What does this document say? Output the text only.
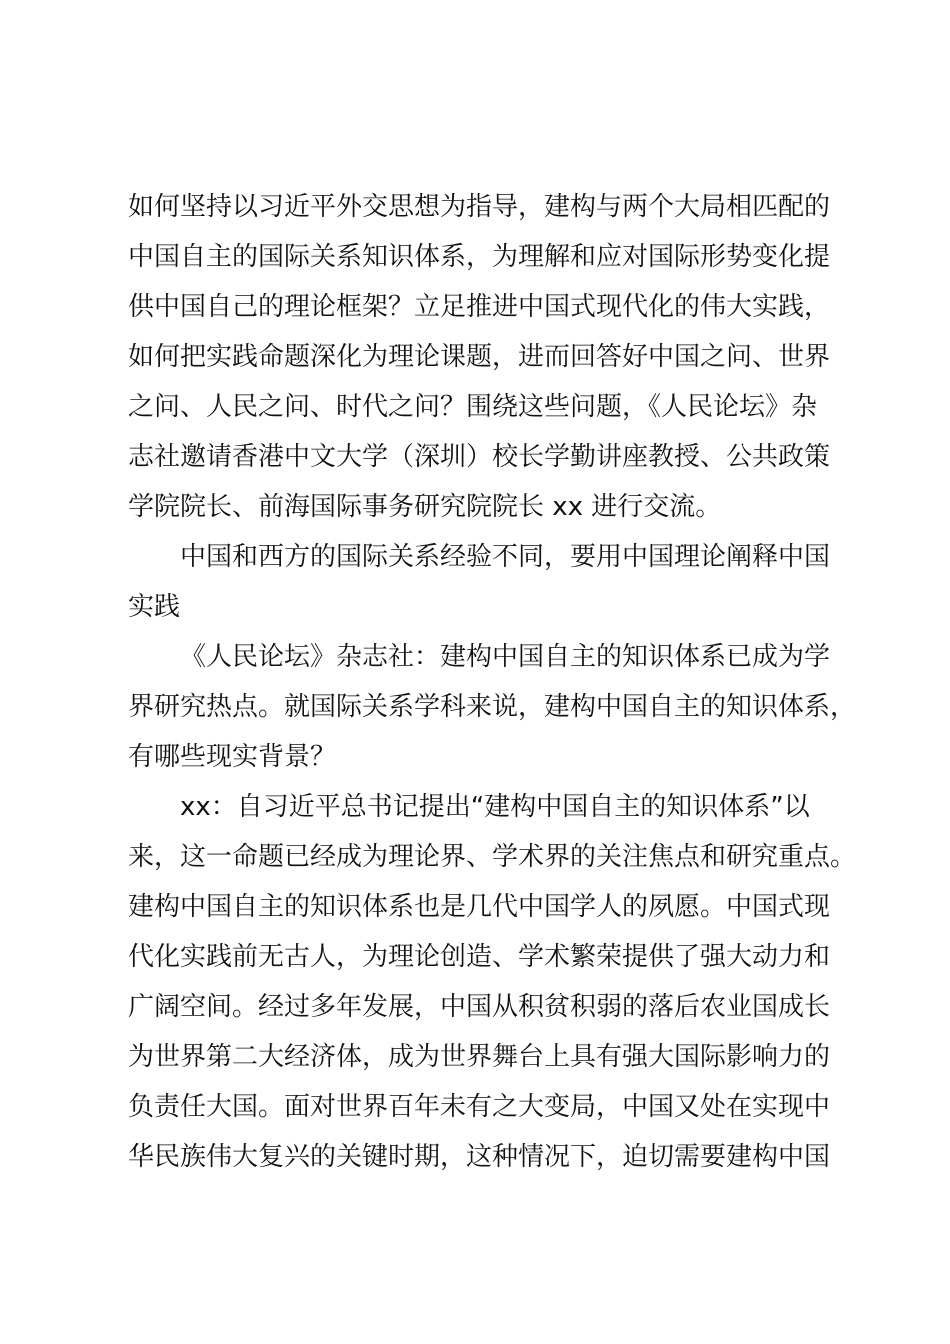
如何坚持以习近平外交思想为指导，建构与两个大局相匹配的
中国自主的国际关系知识体系，为理解和应对国际形势变化提
供中国自己的理论框架？立足推进中国式现代化的伟大实践，
如何把实践命题深化为理论课题，进而回答好中国之问、世界
之问、人民之问、时代之问？围绕这些问题，《人民论坛》杂
志社邀请香港中文大学（深圳）校长学勤讲座教授、公共政策
学院院长、前海国际事务研究院院长 xx 进行交流。
中国和西方的国际关系经验不同，要用中国理论阐释中国
实践
《人民论坛》杂志社：建构中国自主的知识体系已成为学
界研究热点。就国际关系学科来说，建构中国自主的知识体系，
有哪些现实背景？
xx：自习近平总书记提出“建构中国自主的知识体系”以
来，这一命题已经成为理论界、学术界的关注焦点和研究重点。
建构中国自主的知识体系也是几代中国学人的夙愿。中国式现
代化实践前无古人，为理论创造、学术繁荣提供了强大动力和
广阔空间。经过多年发展，中国从积贫积弱的落后农业国成长
为世界第二大经济体，成为世界舞台上具有强大国际影响力的
负责任大国。面对世界百年未有之大变局，中国又处在实现中
华民族伟大复兴的关键时期，这种情况下，迫切需要建构中国
